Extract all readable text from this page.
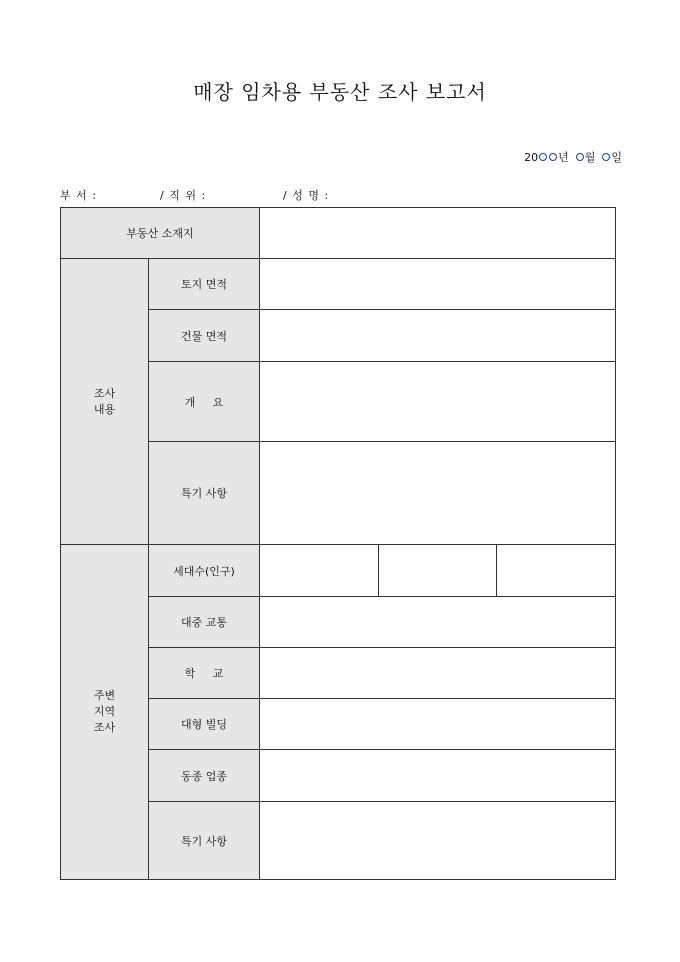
매장 임차용 부동산 조사 보고서
20 년 월 일
부 서 :	/ 직 위 :	/ 성 명 :
부동산 소재지		
조사
내용	토지 면적	
	건물 면적	
	개     요	
	특기 사항	
주변
지역
조사	세대수(인구)	

	대중 교통	
	학     교	
	대형 빌딩	
	동종 업종	
	특기 사항	
